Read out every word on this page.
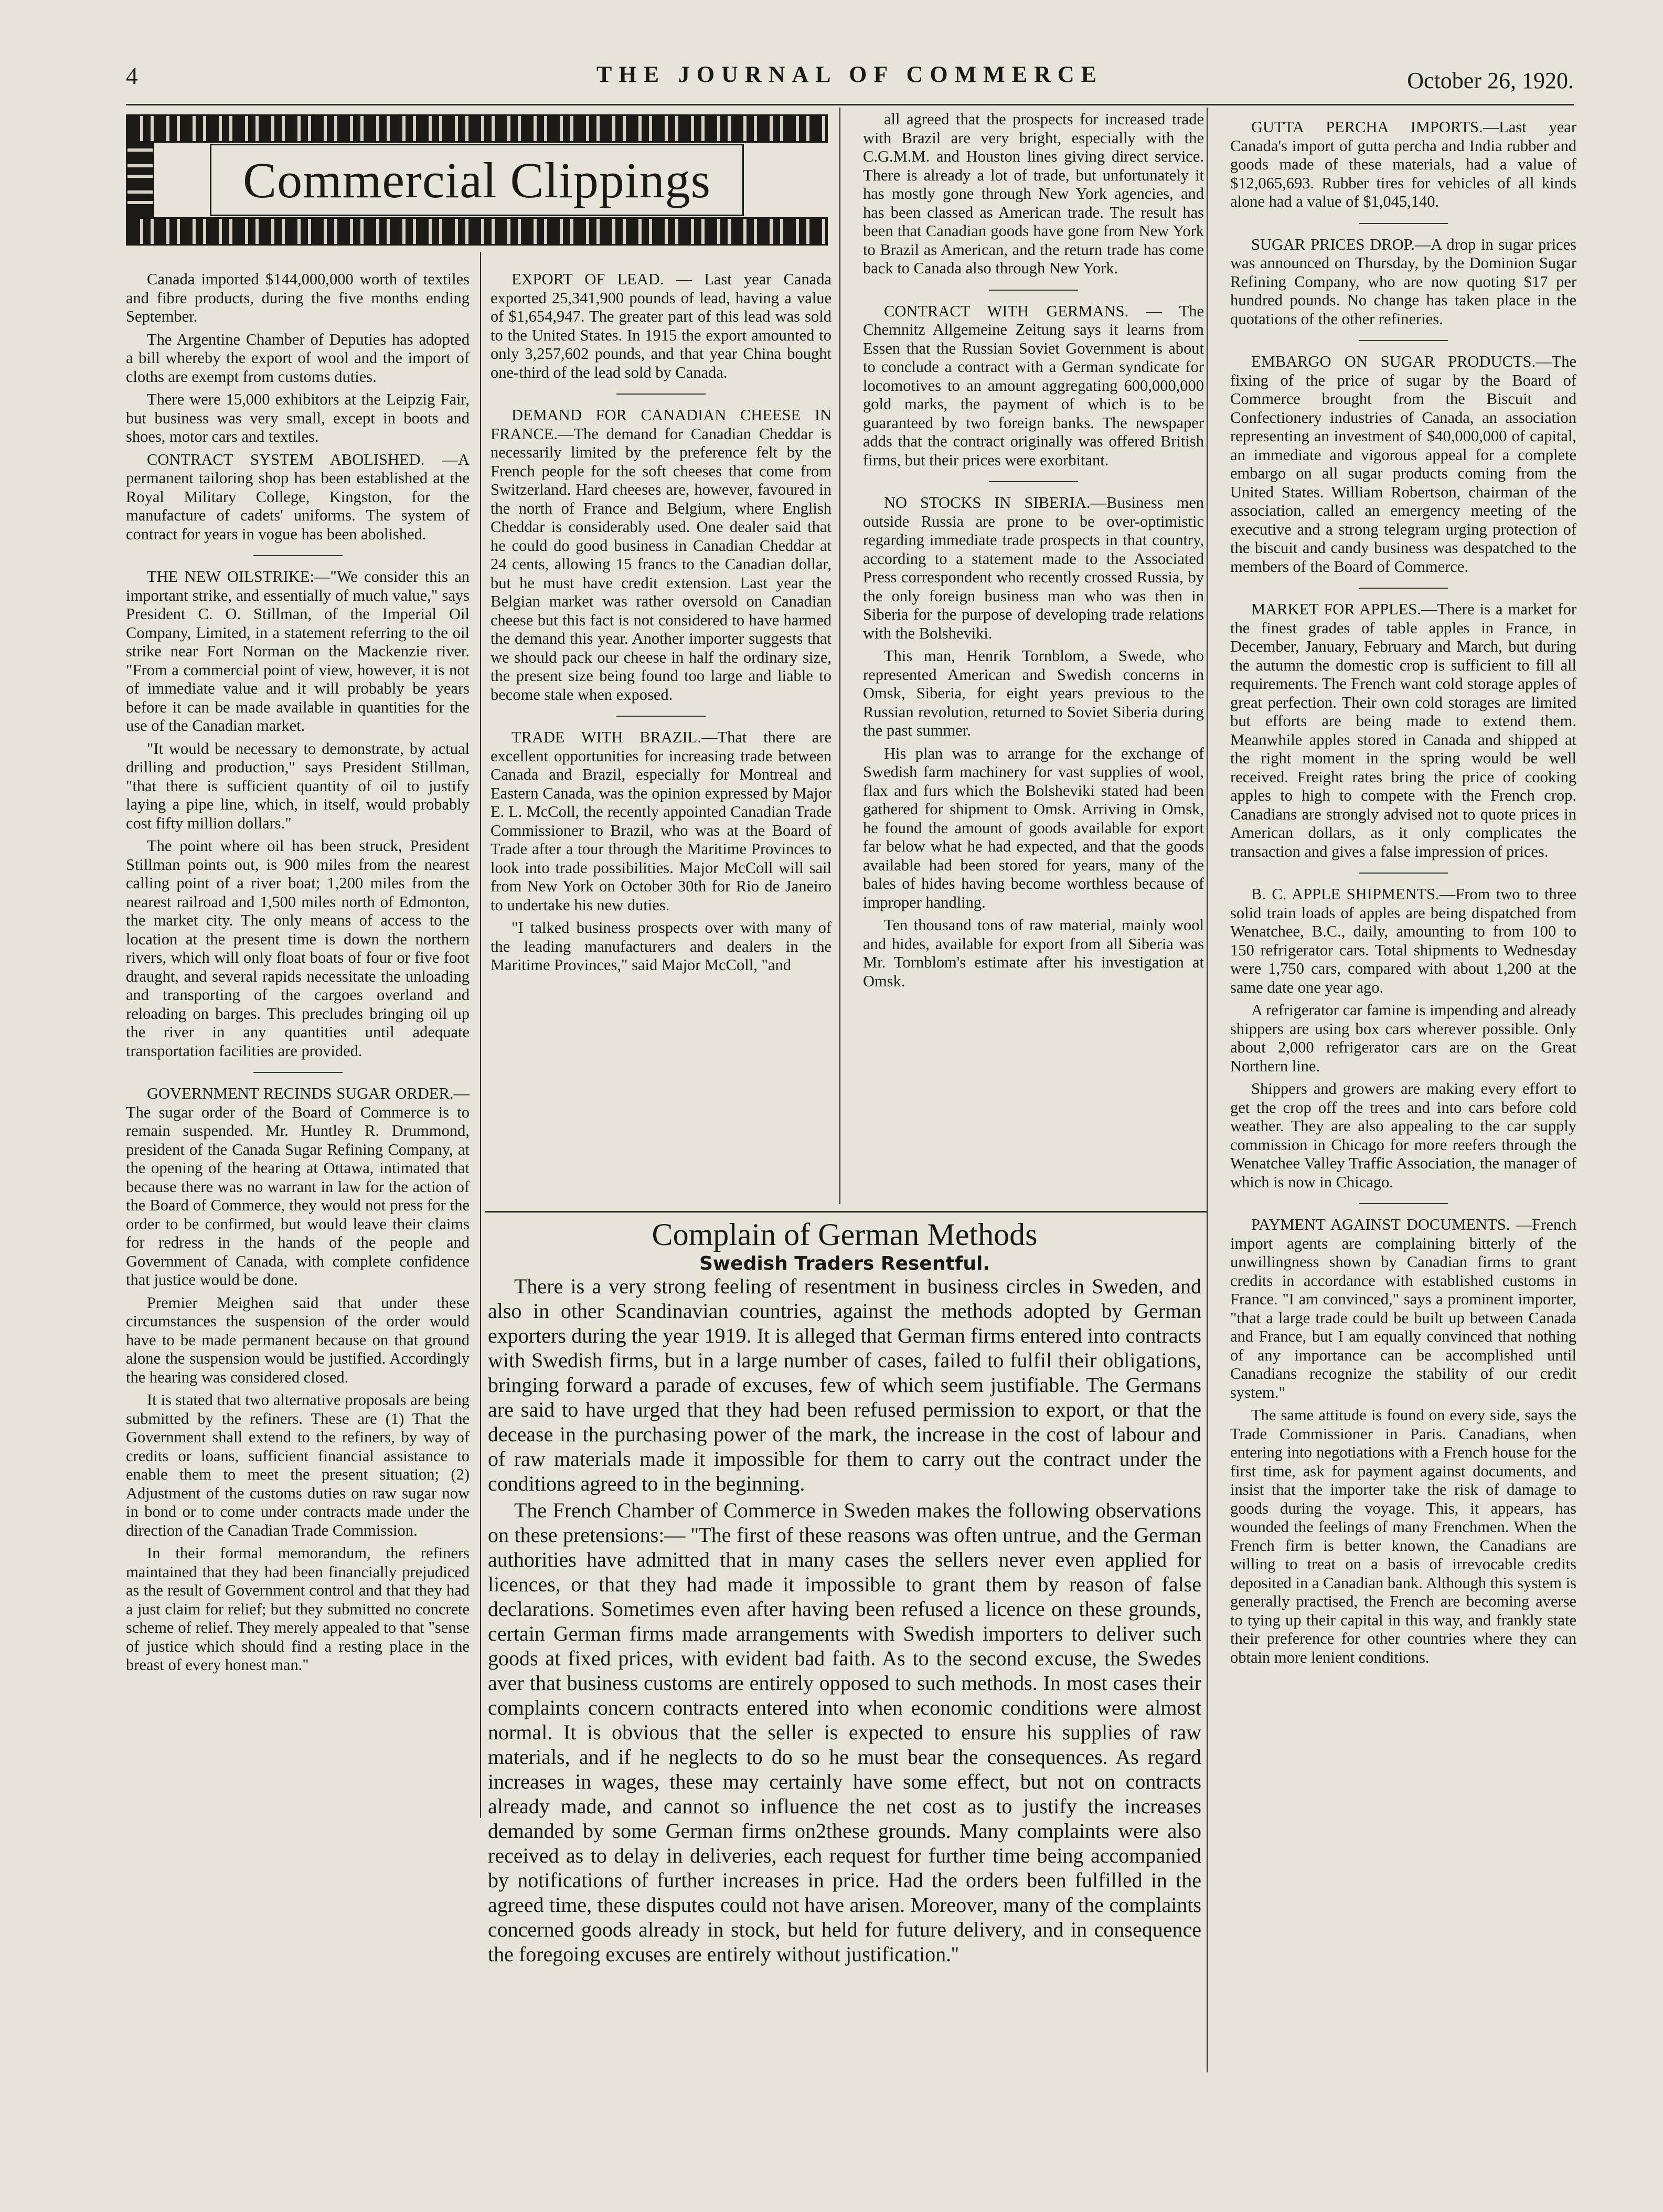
4	THE JOURNAL OF COMMERCE	October 26, 1920.
Commercial Clippings

Canada imported $144,000,000 worth of textiles and fibre products, during the five months ending September.

The Argentine Chamber of Deputies has adopted a bill whereby the export of wool and the import of cloths are exempt from customs duties.

There were 15,000 exhibitors at the Leipzig Fair, but business was very small, except in boots and shoes, motor cars and textiles.

CONTRACT SYSTEM ABOLISHED. —A permanent tailoring shop has been established at the Royal Military College, Kingston, for the manufacture of cadets' uniforms. The system of contract for years in vogue has been abolished.

THE NEW OILSTRIKE:—"We consider this an important strike, and essentially of much value," says President C. O. Stillman, of the Imperial Oil Company, Limited, in a statement referring to the oil strike near Fort Norman on the Mackenzie river. "From a commercial point of view, however, it is not of immediate value and it will probably be years before it can be made available in quantities for the use of the Canadian market.

"It would be necessary to demonstrate, by actual drilling and production," says President Stillman, "that there is sufficient quantity of oil to justify laying a pipe line, which, in itself, would probably cost fifty million dollars."

The point where oil has been struck, President Stillman points out, is 900 miles from the nearest calling point of a river boat; 1,200 miles from the nearest railroad and 1,500 miles north of Edmonton, the market city. The only means of access to the location at the present time is down the northern rivers, which will only float boats of four or five foot draught, and several rapids necessitate the unloading and transporting of the cargoes overland and reloading on barges. This precludes bringing oil up the river in any quantities until adequate transportation facilities are provided.

GOVERNMENT RECINDS SUGAR ORDER.—The sugar order of the Board of Commerce is to remain suspended. Mr. Huntley R. Drummond, president of the Canada Sugar Refining Company, at the opening of the hearing at Ottawa, intimated that because there was no warrant in law for the action of the Board of Commerce, they would not press for the order to be confirmed, but would leave their claims for redress in the hands of the people and Government of Canada, with complete confidence that justice would be done.

Premier Meighen said that under these circumstances the suspension of the order would have to be made permanent because on that ground alone the suspension would be justified. Accordingly the hearing was considered closed.

It is stated that two alternative proposals are being submitted by the refiners. These are (1) That the Government shall extend to the refiners, by way of credits or loans, sufficient financial assistance to enable them to meet the present situation; (2) Adjustment of the customs duties on raw sugar now in bond or to come under contracts made under the direction of the Canadian Trade Commission.

In their formal memorandum, the refiners maintained that they had been financially prejudiced as the result of Government control and that they had a just claim for relief; but they submitted no concrete scheme of relief. They merely appealed to that "sense of justice which should find a resting place in the breast of every honest man."

EXPORT OF LEAD. — Last year Canada exported 25,341,900 pounds of lead, having a value of $1,654,947. The greater part of this lead was sold to the United States. In 1915 the export amounted to only 3,257,602 pounds, and that year China bought one-third of the lead sold by Canada.

DEMAND FOR CANADIAN CHEESE IN FRANCE.—The demand for Canadian Cheddar is necessarily limited by the preference felt by the French people for the soft cheeses that come from Switzerland. Hard cheeses are, however, favoured in the north of France and Belgium, where English Cheddar is considerably used. One dealer said that he could do good business in Canadian Cheddar at 24 cents, allowing 15 francs to the Canadian dollar, but he must have credit extension. Last year the Belgian market was rather oversold on Canadian cheese but this fact is not considered to have harmed the demand this year. Another importer suggests that we should pack our cheese in half the ordinary size, the present size being found too large and liable to become stale when exposed.

TRADE WITH BRAZIL.—That there are excellent opportunities for increasing trade between Canada and Brazil, especially for Montreal and Eastern Canada, was the opinion expressed by Major E. L. McColl, the recently appointed Canadian Trade Commissioner to Brazil, who was at the Board of Trade after a tour through the Maritime Provinces to look into trade possibilities. Major McColl will sail from New York on October 30th for Rio de Janeiro to undertake his new duties.

"I talked business prospects over with many of the leading manufacturers and dealers in the Maritime Provinces," said Major McColl, "and

all agreed that the prospects for increased trade with Brazil are very bright, especially with the C.G.M.M. and Houston lines giving direct service. There is already a lot of trade, but unfortunately it has mostly gone through New York agencies, and has been classed as American trade. The result has been that Canadian goods have gone from New York to Brazil as American, and the return trade has come back to Canada also through New York.

CONTRACT WITH GERMANS. — The Chemnitz Allgemeine Zeitung says it learns from Essen that the Russian Soviet Government is about to conclude a contract with a German syndicate for locomotives to an amount aggregating 600,000,000 gold marks, the payment of which is to be guaranteed by two foreign banks. The newspaper adds that the contract originally was offered British firms, but their prices were exorbitant.

NO STOCKS IN SIBERIA.—Business men outside Russia are prone to be over-optimistic regarding immediate trade prospects in that country, according to a statement made to the Associated Press correspondent who recently crossed Russia, by the only foreign business man who was then in Siberia for the purpose of developing trade relations with the Bolsheviki.

This man, Henrik Tornblom, a Swede, who represented American and Swedish concerns in Omsk, Siberia, for eight years previous to the Russian revolution, returned to Soviet Siberia during the past summer.

His plan was to arrange for the exchange of Swedish farm machinery for vast supplies of wool, flax and furs which the Bolsheviki stated had been gathered for shipment to Omsk. Arriving in Omsk, he found the amount of goods available for export far below what he had expected, and that the goods available had been stored for years, many of the bales of hides having become worthless because of improper handling.

Ten thousand tons of raw material, mainly wool and hides, available for export from all Siberia was Mr. Tornblom's estimate after his investigation at Omsk.

GUTTA PERCHA IMPORTS.—Last year Canada's import of gutta percha and India rubber and goods made of these materials, had a value of $12,065,693. Rubber tires for vehicles of all kinds alone had a value of $1,045,140.

SUGAR PRICES DROP.—A drop in sugar prices was announced on Thursday, by the Dominion Sugar Refining Company, who are now quoting $17 per hundred pounds. No change has taken place in the quotations of the other refineries.

EMBARGO ON SUGAR PRODUCTS.—The fixing of the price of sugar by the Board of Commerce brought from the Biscuit and Confectionery industries of Canada, an association representing an investment of $40,000,000 of capital, an immediate and vigorous appeal for a complete embargo on all sugar products coming from the United States. William Robertson, chairman of the association, called an emergency meeting of the executive and a strong telegram urging protection of the biscuit and candy business was despatched to the members of the Board of Commerce.

MARKET FOR APPLES.—There is a market for the finest grades of table apples in France, in December, January, February and March, but during the autumn the domestic crop is sufficient to fill all requirements. The French want cold storage apples of great perfection. Their own cold storages are limited but efforts are being made to extend them. Meanwhile apples stored in Canada and shipped at the right moment in the spring would be well received. Freight rates bring the price of cooking apples to high to compete with the French crop. Canadians are strongly advised not to quote prices in American dollars, as it only complicates the transaction and gives a false impression of prices.

B. C. APPLE SHIPMENTS.—From two to three solid train loads of apples are being dispatched from Wenatchee, B.C., daily, amounting to from 100 to 150 refrigerator cars. Total shipments to Wednesday were 1,750 cars, compared with about 1,200 at the same date one year ago.

A refrigerator car famine is impending and already shippers are using box cars wherever possible. Only about 2,000 refrigerator cars are on the Great Northern line.

Shippers and growers are making every effort to get the crop off the trees and into cars before cold weather. They are also appealing to the car supply commission in Chicago for more reefers through the Wenatchee Valley Traffic Association, the manager of which is now in Chicago.

PAYMENT AGAINST DOCUMENTS. —French import agents are complaining bitterly of the unwillingness shown by Canadian firms to grant credits in accordance with established customs in France. "I am convinced," says a prominent importer, "that a large trade could be built up between Canada and France, but I am equally convinced that nothing of any importance can be accomplished until Canadians recognize the stability of our credit system."

The same attitude is found on every side, says the Trade Commissioner in Paris. Canadians, when entering into negotiations with a French house for the first time, ask for payment against documents, and insist that the importer take the risk of damage to goods during the voyage. This, it appears, has wounded the feelings of many Frenchmen. When the French firm is better known, the Canadians are willing to treat on a basis of irrevocable credits deposited in a Canadian bank. Although this system is generally practised, the French are becoming averse to tying up their capital in this way, and frankly state their preference for other countries where they can obtain more lenient conditions.

Complain of German Methods
Swedish Traders Resentful.

There is a very strong feeling of resentment in business circles in Sweden, and also in other Scandinavian countries, against the methods adopted by German exporters during the year 1919. It is alleged that German firms entered into contracts with Swedish firms, but in a large number of cases, failed to fulfil their obligations, bringing forward a parade of excuses, few of which seem justifiable. The Germans are said to have urged that they had been refused permission to export, or that the decease in the purchasing power of the mark, the increase in the cost of labour and of raw materials made it impossible for them to carry out the contract under the conditions agreed to in the beginning.

The French Chamber of Commerce in Sweden makes the following observations on these pretensions:— ''The first of these reasons was often untrue, and the German authorities have admitted that in many cases the sellers never even applied for licences, or that they had made it impossible to grant them by reason of false declarations. Sometimes even after having been refused a licence on these grounds, certain German firms made arrangements with Swedish importers to deliver such goods at fixed prices, with evident bad faith. As to the second excuse, the Swedes aver that business customs are entirely opposed to such methods. In most cases their complaints concern contracts entered into when economic conditions were almost normal. It is obvious that the seller is expected to ensure his supplies of raw materials, and if he neglects to do so he must bear the consequences. As regard increases in wages, these may certainly have some effect, but not on contracts already made, and cannot so influence the net cost as to justify the increases demanded by some German firms on2these grounds. Many complaints were also received as to delay in deliveries, each request for further time being accompanied by notifications of further increases in price. Had the orders been fulfilled in the agreed time, these disputes could not have arisen. Moreover, many of the complaints concerned goods already in stock, but held for future delivery, and in consequence the foregoing excuses are entirely without justification.''
